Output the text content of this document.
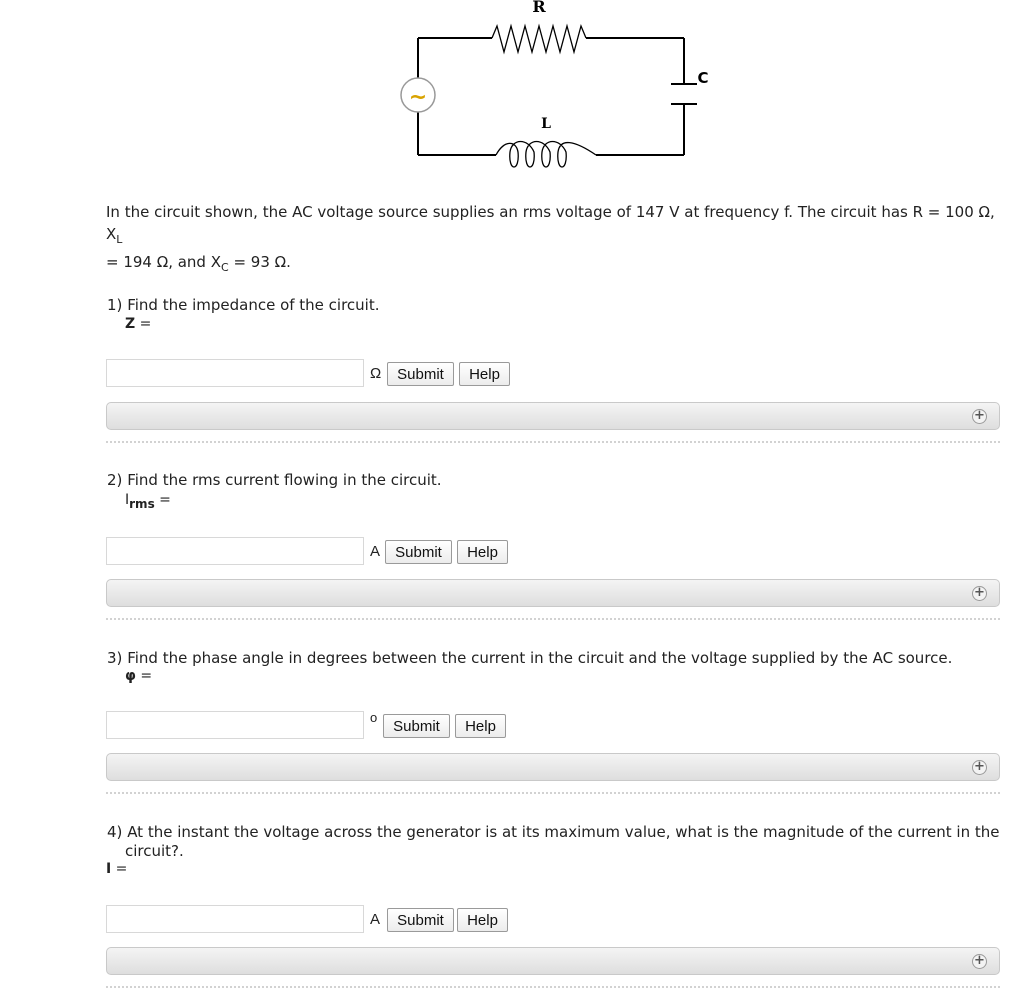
~
R
L
C
In the circuit shown, the AC voltage source supplies an rms voltage of 147 V at frequency f. The circuit has R = 100 Ω, $X_L$
= 194 Ω, and $X_C = 93$ Ω.
1) Find the impedance of the circuit.
Z =
Ω	Submit	Help
+
2) Find the rms current flowing in the circuit.
Irms =
A	Submit	Help
+
3) Find the phase angle in degrees between the current in the circuit and the voltage supplied by the AC source.
φ =
o	Submit	Help
+
4) At the instant the voltage across the generator is at its maximum value, what is the magnitude of the current in the
circuit?.
I =
A	Submit	Help
+
